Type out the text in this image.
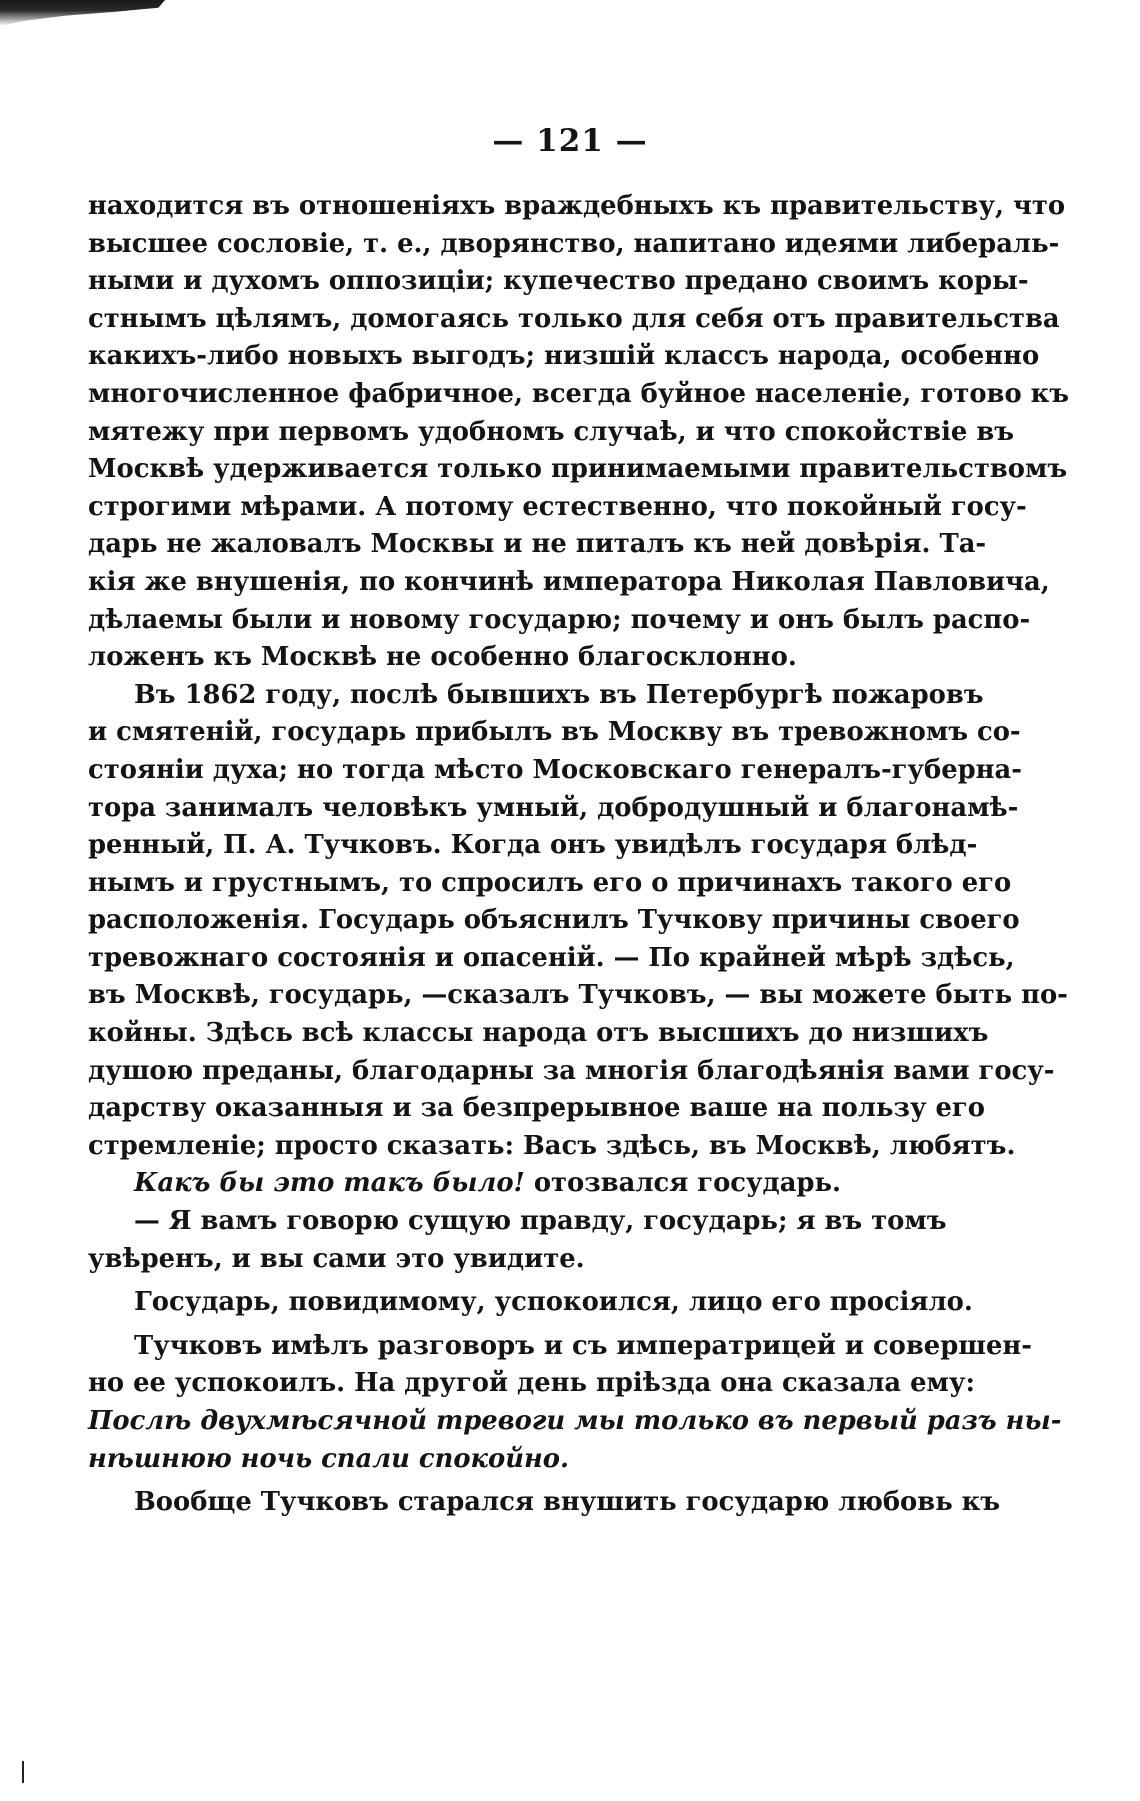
— 121 —
находится въ отношеніяхъ враждебныхъ къ правительству, что
высшее сословіе, т. е., дворянство, напитано идеями либераль-
ными и духомъ оппозиціи; купечество предано своимъ коры-
стнымъ цѣлямъ, домогаясь только для себя отъ правительства
какихъ-либо новыхъ выгодъ; низшій классъ народа, особенно
многочисленное фабричное, всегда буйное населеніе, готово къ
мятежу при первомъ удобномъ случаѣ, и что спокойствіе въ
Москвѣ удерживается только принимаемыми правительствомъ
строгими мѣрами. А потому естественно, что покойный госу-
дарь не жаловалъ Москвы и не питалъ къ ней довѣрія. Та-
кія же внушенія, по кончинѣ императора Николая Павловича,
дѣлаемы были и новому государю; почему и онъ былъ распо-
ложенъ къ Москвѣ не особенно благосклонно.
Въ 1862 году, послѣ бывшихъ въ Петербургѣ пожаровъ
и смятеній, государь прибылъ въ Москву въ тревожномъ со-
стояніи духа; но тогда мѣсто Московскаго генералъ-губерна-
тора занималъ человѣкъ умный, добродушный и благонамѣ-
ренный, П. А. Тучковъ. Когда онъ увидѣлъ государя блѣд-
нымъ и грустнымъ, то спросилъ его о причинахъ такого его
расположенія. Государь объяснилъ Тучкову причины своего
тревожнаго состоянія и опасеній. — По крайней мѣрѣ здѣсь,
въ Москвѣ, государь, —сказалъ Тучковъ, — вы можете быть по-
койны. Здѣсь всѣ классы народа отъ высшихъ до низшихъ
душою преданы, благодарны за многія благодѣянія вами госу-
дарству оказанныя и за безпрерывное ваше на пользу его
стремленіе; просто сказать: Васъ здѣсь, въ Москвѣ, любятъ.
Какъ бы это такъ было! отозвался государь.
— Я вамъ говорю сущую правду, государь; я въ томъ
увѣренъ, и вы сами это увидите.
Государь, повидимому, успокоился, лицо его просіяло.
Тучковъ имѣлъ разговоръ и съ императрицей и совершен-
но ее успокоилъ. На другой день пріѣзда она сказала ему:
Послѣ двухмѣсячной тревоги мы только въ первый разъ ны-
нѣшнюю ночь спали спокойно.
Вообще Тучковъ старался внушить государю любовь къ
